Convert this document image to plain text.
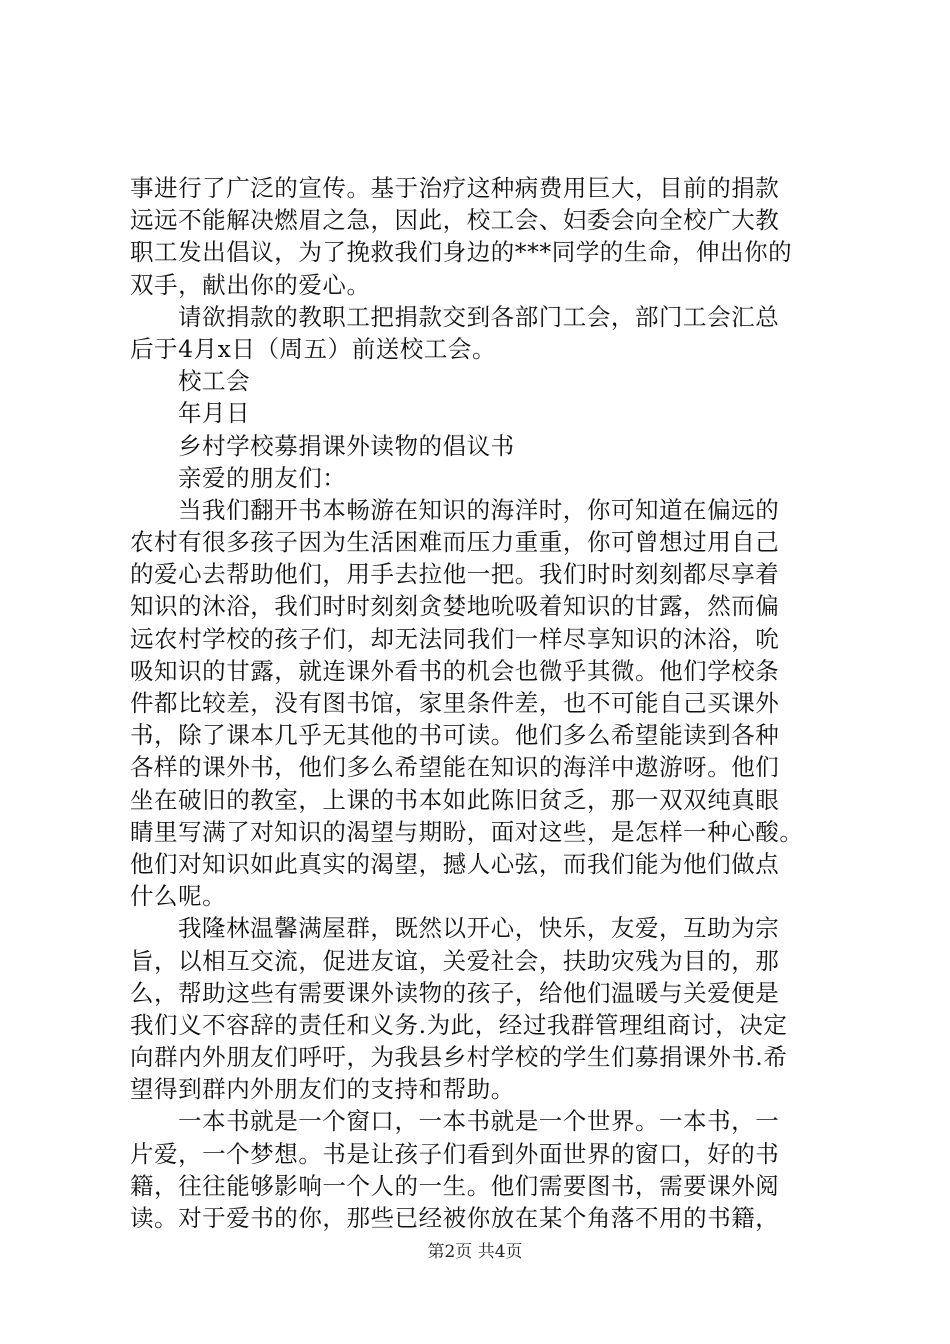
事进行了广泛的宣传。基于治疗这种病费用巨大，目前的捐款
远远不能解决燃眉之急，因此，校工会、妇委会向全校广大教
职工发出倡议，为了挽救我们身边的***同学的生命，伸出你的
双手，献出你的爱心。
请欲捐款的教职工把捐款交到各部门工会，部门工会汇总
后于4月x日（周五）前送校工会。
校工会
年月日
乡村学校募捐课外读物的倡议书
亲爱的朋友们：
当我们翻开书本畅游在知识的海洋时，你可知道在偏远的
农村有很多孩子因为生活困难而压力重重，你可曾想过用自己
的爱心去帮助他们，用手去拉他一把。我们时时刻刻都尽享着
知识的沐浴，我们时时刻刻贪婪地吮吸着知识的甘露，然而偏
远农村学校的孩子们，却无法同我们一样尽享知识的沐浴，吮
吸知识的甘露，就连课外看书的机会也微乎其微。他们学校条
件都比较差，没有图书馆，家里条件差，也不可能自己买课外
书，除了课本几乎无其他的书可读。他们多么希望能读到各种
各样的课外书，他们多么希望能在知识的海洋中遨游呀。他们
坐在破旧的教室，上课的书本如此陈旧贫乏，那一双双纯真眼
睛里写满了对知识的渴望与期盼，面对这些，是怎样一种心酸。
他们对知识如此真实的渴望，撼人心弦，而我们能为他们做点
什么呢。
我隆林温馨满屋群，既然以开心，快乐，友爱，互助为宗
旨，以相互交流，促进友谊，关爱社会，扶助灾残为目的，那
么，帮助这些有需要课外读物的孩子，给他们温暖与关爱便是
我们义不容辞的责任和义务.为此，经过我群管理组商讨，决定
向群内外朋友们呼吁，为我县乡村学校的学生们募捐课外书.希
望得到群内外朋友们的支持和帮助。
一本书就是一个窗口，一本书就是一个世界。一本书，一
片爱，一个梦想。书是让孩子们看到外面世界的窗口，好的书
籍，往往能够影响一个人的一生。他们需要图书，需要课外阅
读。对于爱书的你，那些已经被你放在某个角落不用的书籍，
第2页 共4页
